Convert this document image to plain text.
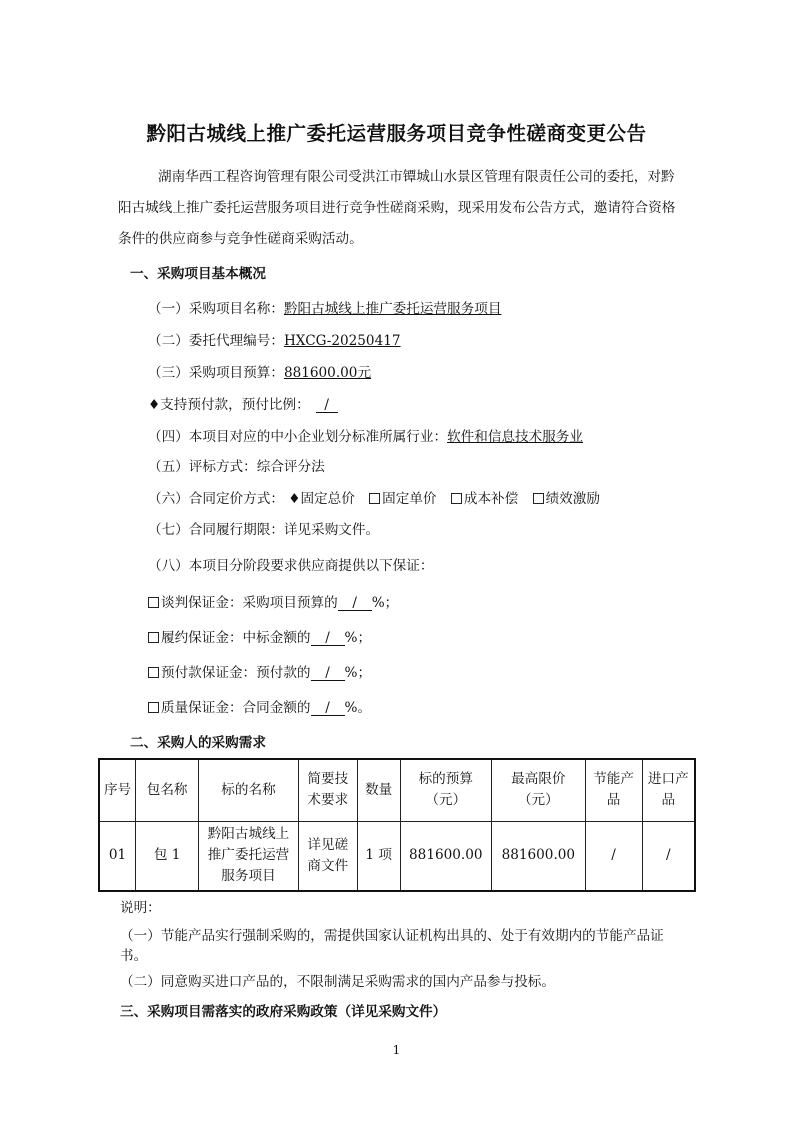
黔阳古城线上推广委托运营服务项目竞争性磋商变更公告
湖南华西工程咨询管理有限公司受洪江市镡城山水景区管理有限责任公司的委托，对黔阳古城线上推广委托运营服务项目进行竞争性磋商采购，现采用发布公告方式，邀请符合资格条件的供应商参与竞争性磋商采购活动。
一、采购项目基本概况
（一）采购项目名称：黔阳古城线上推广委托运营服务项目
（二）委托代理编号：HXCG-20250417
（三）采购项目预算：881600.00元
♦支持预付款，预付比例： /
（四）本项目对应的中小企业划分标准所属行业：软件和信息技术服务业
（五）评标方式：综合评分法
（六）合同定价方式： ♦固定总价 固定单价 成本补偿 绩效激励
（七）合同履行期限：详见采购文件。
（八）本项目分阶段要求供应商提供以下保证：
谈判保证金：采购项目预算的 / %；
履约保证金：中标金额的 / %；
预付款保证金：预付款的 / %；
质量保证金：合同金额的 / %。
二、采购人的采购需求
序号	包名称	标的名称	简要技术要求	数量	标的预算（元）	最高限价（元）	节能产品	进口产品
01	包 1	黔阳古城线上推广委托运营服务项目	详见磋商文件	1 项	881600.00	881600.00	/	/
说明：
（一）节能产品实行强制采购的，需提供国家认证机构出具的、处于有效期内的节能产品证书。
（二）同意购买进口产品的，不限制满足采购需求的国内产品参与投标。
三、采购项目需落实的政府采购政策（详见采购文件）
1
